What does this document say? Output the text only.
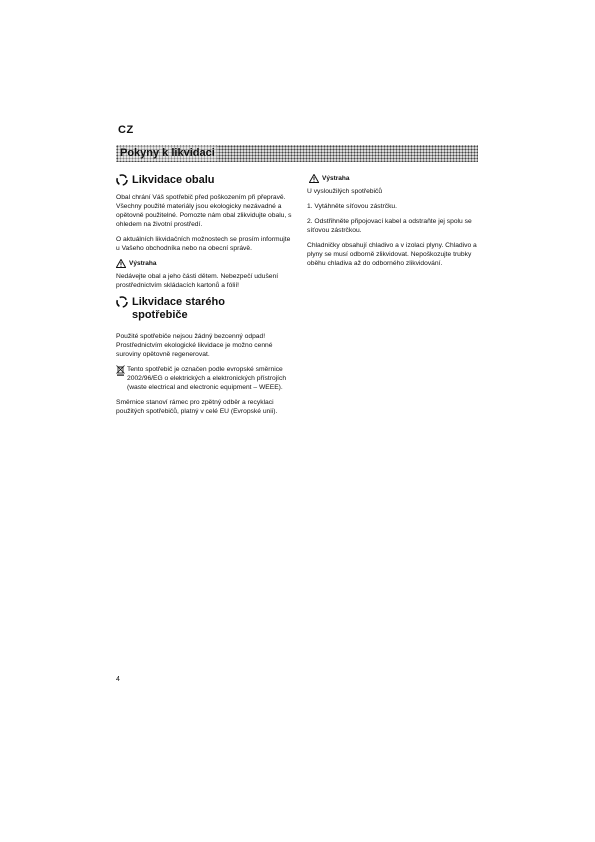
CZ
Pokyny k likvidaci
Likvidace obalu

Obal chrání Váš spotřebič před poškozením při přepravě. Všechny použité materiály jsou ekologicky nezávadné a opětovně použitelné. Pomozte nám obal zlikvidujte obalu, s ohledem na životní prostředí.

O aktuálních likvidačních možnostech se prosím informujte u Vašeho obchodníka nebo na obecní správě.

Výstraha

Nedávejte obal a jeho části dětem. Nebezpečí udušení prostřednictvím skládacích kartonů a fólií!

Likvidace starého
spotřebiče

Použité spotřebiče nejsou žádný bezcenný odpad! Prostřednictvím ekologické likvidace je možno cenné suroviny opětovně regenerovat.

Tento spotřebič je označen podle evropské směrnice 2002/96/EG o elektrických a elektronických přístrojích (waste electrical and electronic equipment – WEEE).

Směrnice stanoví rámec pro zpětný odběr a recyklaci použitých spotřebičů, platný v celé EU (Evropské unii).

Výstraha

U vysloužilých spotřebičů

1. Vytáhněte síťovou zástrčku.

2. Odstřihněte připojovací kabel a odstraňte jej spolu se síťovou zástrčkou.

Chladničky obsahují chladivo a v izolaci plyny. Chladivo a plyny se musí odborně zlikvidovat. Nepoškozujte trubky oběhu chladiva až do odborného zlikvidování.

4
